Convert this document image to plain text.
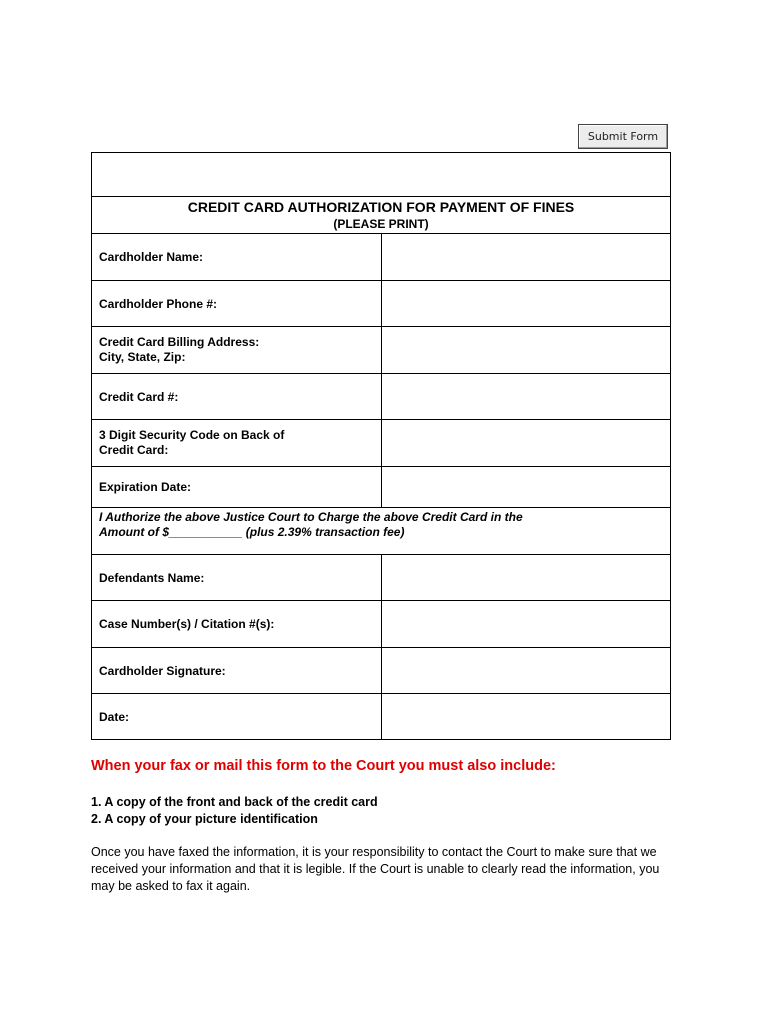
Submit Form

CREDIT CARD AUTHORIZATION FOR PAYMENT OF FINES
(PLEASE PRINT)	

Cardholder Name:	
Cardholder Phone #:	
Credit Card Billing Address:
City, State, Zip:	
Credit Card #:	
3 Digit Security Code on Back of
Credit Card:	
Expiration Date:	
I Authorize the above Justice Court to Charge the above Credit Card in the
Amount of $___________ (plus 2.39% transaction fee)	
Defendants Name:	
Case Number(s) / Citation #(s):	
Cardholder Signature:	
Date:	

When your fax or mail this form to the Court you must also include:

1. A copy of the front and back of the credit card
2. A copy of your picture identification

Once you have faxed the information, it is your responsibility to contact the Court to make sure that we received your information and that it is legible. If the Court is unable to clearly read the information, you may be asked to fax it again.
